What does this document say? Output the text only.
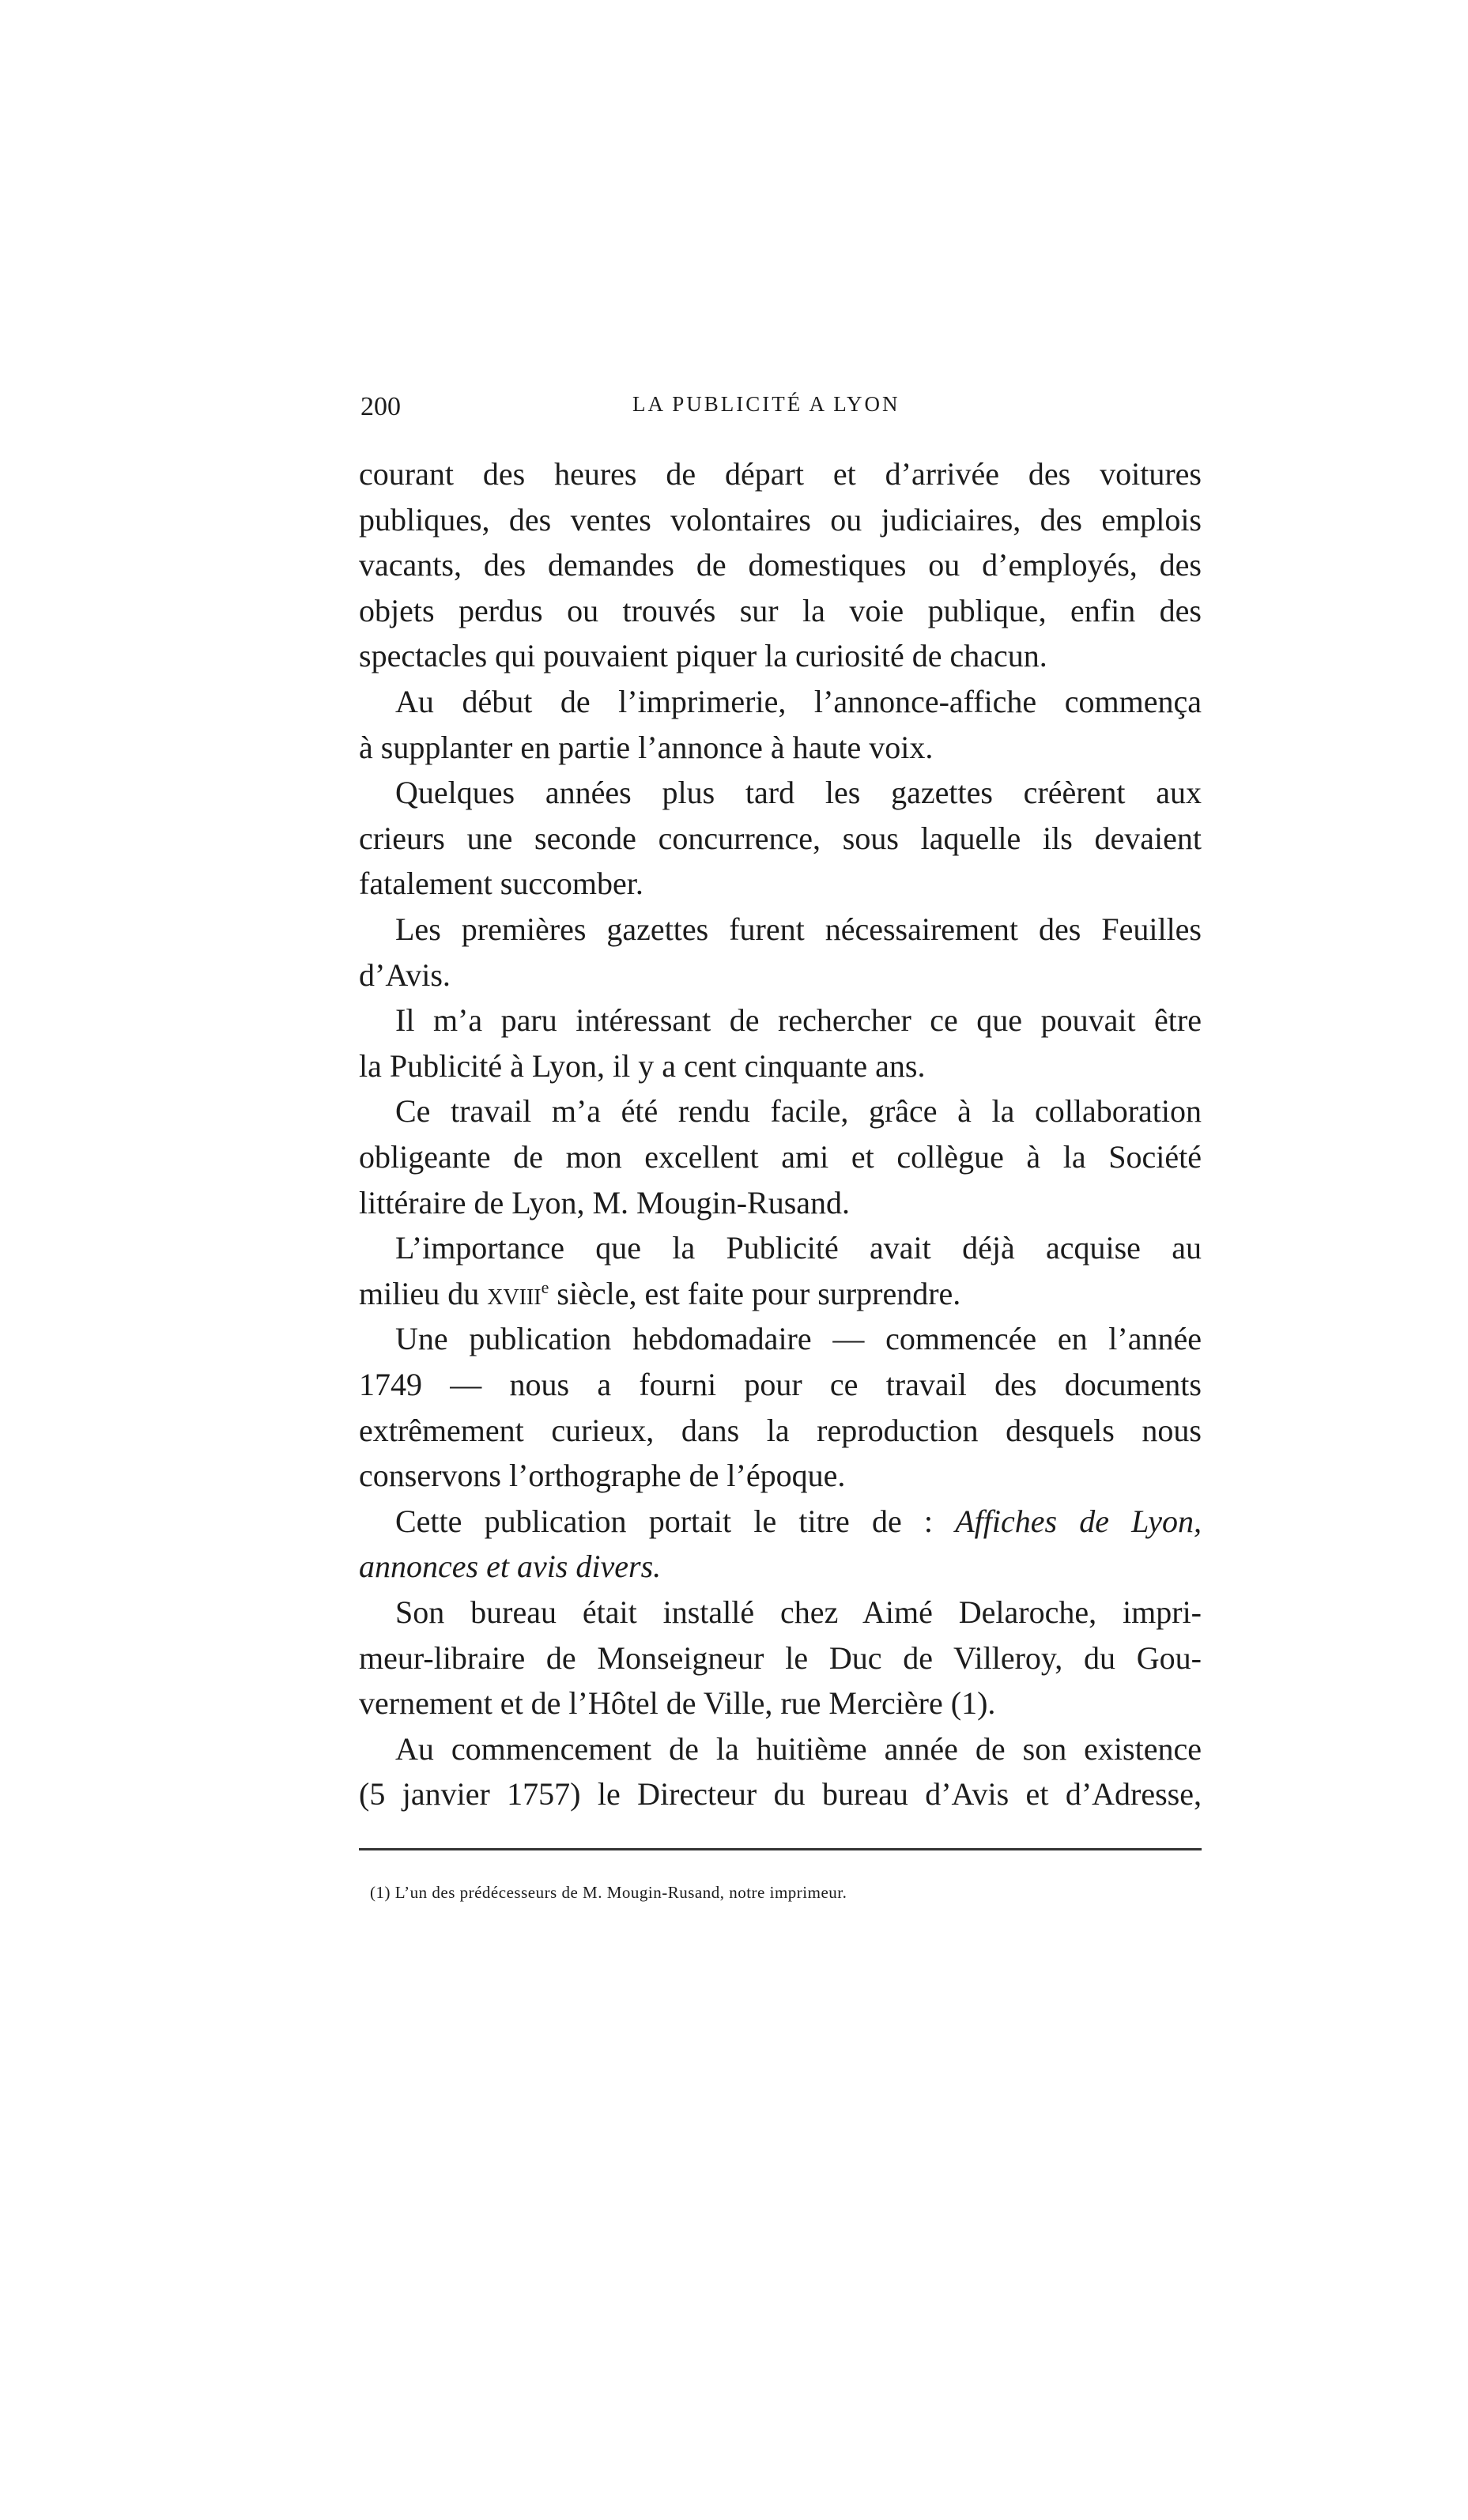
200	LA PUBLICITÉ A LYON
courant des heures de départ et d’arrivée des voitures
publiques, des ventes volontaires ou judiciaires, des emplois
vacants, des demandes de domestiques ou d’employés, des
objets perdus ou trouvés sur la voie publique, enfin des
spectacles qui pouvaient piquer la curiosité de chacun.
Au début de l’imprimerie, l’annonce-affiche commença
à supplanter en partie l’annonce à haute voix.
Quelques années plus tard les gazettes créèrent aux
crieurs une seconde concurrence, sous laquelle ils devaient
fatalement succomber.
Les premières gazettes furent nécessairement des Feuilles
d’Avis.
Il m’a paru intéressant de rechercher ce que pouvait être
la Publicité à Lyon, il y a cent cinquante ans.
Ce travail m’a été rendu facile, grâce à la collaboration
obligeante de mon excellent ami et collègue à la Société
littéraire de Lyon, M. Mougin-Rusand.
L’importance que la Publicité avait déjà acquise au
milieu du xviii$^e$ siècle, est faite pour surprendre.
Une publication hebdomadaire — commencée en l’année
1749 — nous a fourni pour ce travail des documents
extrêmement curieux, dans la reproduction desquels nous
conservons l’orthographe de l’époque.
Cette publication portait le titre de : Affiches de Lyon,
annonces et avis divers.
Son bureau était installé chez Aimé Delaroche, impri-
meur-libraire de Monseigneur le Duc de Villeroy, du Gou-
vernement et de l’Hôtel de Ville, rue Mercière (1).
Au commencement de la huitième année de son existence
(5 janvier 1757) le Directeur du bureau d’Avis et d’Adresse,
(1) L’un des prédécesseurs de M. Mougin-Rusand, notre imprimeur.
